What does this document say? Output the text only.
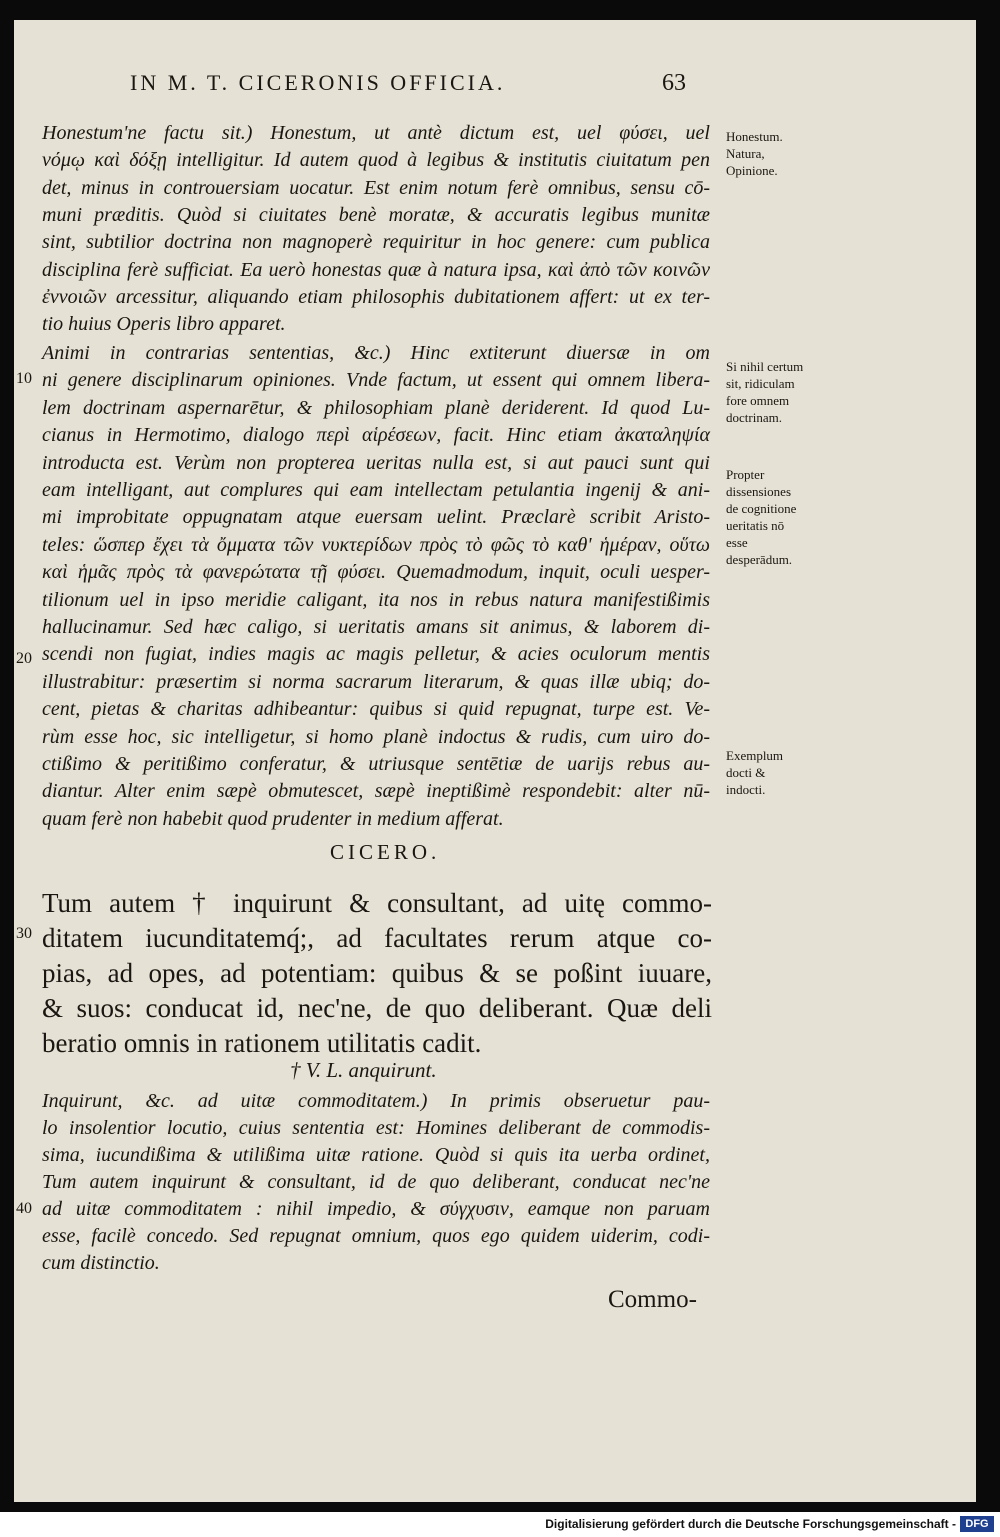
IN M. T. CICERONIS OFFICIA.	63
Honestum'ne factu sit.) Honestum, ut antè dictum est, uel φύσει, uel
νόμῳ καὶ δόξῃ intelligitur. Id autem quod à legibus & institutis ciuitatum pen
det, minus in controuersiam uocatur. Est enim notum ferè omnibus, sensu cō-
muni præditis. Quòd si ciuitates benè moratæ, & accuratis legibus munitæ
sint, subtilior doctrina non magnoperè requiritur in hoc genere: cum publica
disciplina ferè sufficiat. Ea uerò honestas quæ à natura ipsa, καὶ ἀπὸ τῶν κοινῶν
ἐννοιῶν arcessitur, aliquando etiam philosophis dubitationem affert: ut ex ter-
tio huius Operis libro apparet.
Animi in contrarias sententias, &c.) Hinc extiterunt diuersæ in om
ni genere disciplinarum opiniones. Vnde factum, ut essent qui omnem libera-
lem doctrinam aspernarētur, & philosophiam planè deriderent. Id quod Lu-
cianus in Hermotimo, dialogo περὶ αἱρέσεων, facit. Hinc etiam ἀκαταληψία
introducta est. Verùm non propterea ueritas nulla est, si aut pauci sunt qui
eam intelligant, aut complures qui eam intellectam petulantia ingenij & ani-
mi improbitate oppugnatam atque euersam uelint. Præclarè scribit Aristo-
teles: ὥσπερ ἔχει τὰ ὄμματα τῶν νυκτερίδων πρὸς τὸ φῶς τὸ καθ' ἡμέραν, οὕτω
καὶ ἡμᾶς πρὸς τὰ φανερώτατα τῇ φύσει. Quemadmodum, inquit, oculi uesper-
tilionum uel in ipso meridie caligant, ita nos in rebus natura manifestißimis
hallucinamur. Sed hæc caligo, si ueritatis amans sit animus, & laborem di-
scendi non fugiat, indies magis ac magis pelletur, & acies oculorum mentis
illustrabitur: præsertim si norma sacrarum literarum, & quas illæ ubiq; do-
cent, pietas & charitas adhibeantur: quibus si quid repugnat, turpe est. Ve-
rùm esse hoc, sic intelligetur, si homo planè indoctus & rudis, cum uiro do-
ctißimo & peritißimo conferatur, & utriusque sentētiæ de uarijs rebus au-
diantur. Alter enim sæpè obmutescet, sæpè ineptißimè respondebit: alter nū-
quam ferè non habebit quod prudenter in medium afferat.
CICERO.
Tum autem † inquirunt & consultant, ad uitę commo-
ditatem iucunditatemq́;, ad facultates rerum atque co-
pias, ad opes, ad potentiam: quibus & se poßint iuuare,
& suos: conducat id, nec'ne, de quo deliberant. Quæ deli
beratio omnis in rationem utilitatis cadit.
† V. L. anquirunt.
Inquirunt, &c. ad uitæ commoditatem.) In primis obseruetur pau-
lo insolentior locutio, cuius sententia est: Homines deliberant de commodis-
sima, iucundißima & utilißima uitæ ratione. Quòd si quis ita uerba ordinet,
Tum autem inquirunt & consultant, id de quo deliberant, conducat nec'ne
ad uitæ commoditatem : nihil impedio, & σύγχυσιν, eamque non paruam
esse, facilè concedo. Sed repugnat omnium, quos ego quidem uiderim, codi-
cum distinctio.
Commo-
Honestum. Natura, Opinione.
Si nihil certum sit, ridiculam fore omnem doctrinam.
Propter dissensiones de cognitione ueritatis nō esse desperādum.
Exemplum docti & indocti.
10
20
30
40
Digitalisierung gefördert durch die Deutsche Forschungsgemeinschaft - DFG
